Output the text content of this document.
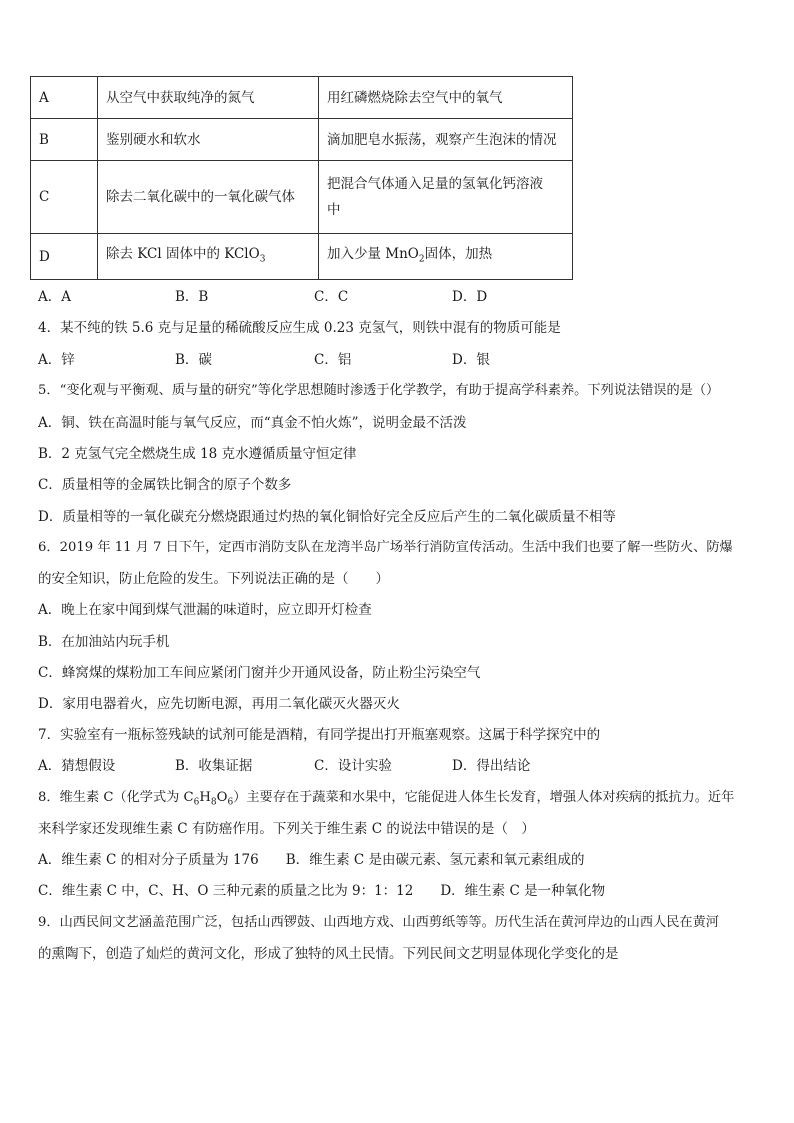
A	从空气中获取纯净的氮气	用红磷燃烧除去空气中的氧气
B	鉴别硬水和软水	滴加肥皂水振荡，观察产生泡沫的情况
C	除去二氧化碳中的一氧化碳气体	把混合气体通入足量的氢氧化钙溶液
中
D	除去 KCl 固体中的 KClO$_3$	加入少量 MnO$_2$固体，加热
A．A	B．B	C．C	D．D
4．某不纯的铁 5.6 克与足量的稀硫酸反应生成 0.23 克氢气，则铁中混有的物质可能是
A．锌	B．碳	C．铝	D．银
5．“变化观与平衡观、质与量的研究”等化学思想随时渗透于化学教学，有助于提高学科素养。下列说法错误的是（）
A．铜、铁在高温时能与氧气反应，而“真金不怕火炼”，说明金最不活泼
B．2 克氢气完全燃烧生成 18 克水遵循质量守恒定律
C．质量相等的金属铁比铜含的原子个数多
D．质量相等的一氧化碳充分燃烧跟通过灼热的氧化铜恰好完全反应后产生的二氧化碳质量不相等
6．2019 年 11 月 7 日下午，定西市消防支队在龙湾半岛广场举行消防宣传活动。生活中我们也要了解一些防火、防爆
的安全知识，防止危险的发生。下列说法正确的是（　　）
A．晚上在家中闻到煤气泄漏的味道时，应立即开灯检查
B．在加油站内玩手机
C．蜂窝煤的煤粉加工车间应紧闭门窗并少开通风设备，防止粉尘污染空气
D．家用电器着火，应先切断电源，再用二氧化碳灭火器灭火
7．实验室有一瓶标签残缺的试剂可能是酒精，有同学提出打开瓶塞观察。这属于科学探究中的
A．猜想假设	B．收集证据	C．设计实验	D．得出结论
8．维生素 C（化学式为 $C_6H_8O_6$）主要存在于蔬菜和水果中，它能促进人体生长发育，增强人体对疾病的抵抗力。近年
来科学家还发现维生素 C 有防癌作用。下列关于维生素 C 的说法中错误的是（　）
A．维生素 C 的相对分子质量为 176　　B．维生素 C 是由碳元素、氢元素和氧元素组成的
C．维生素 C 中，C、H、O 三种元素的质量之比为 9：1：12　　D．维生素 C 是一种氧化物
9．山西民间文艺涵盖范围广泛，包括山西锣鼓、山西地方戏、山西剪纸等等。历代生活在黄河岸边的山西人民在黄河
的熏陶下，创造了灿烂的黄河文化，形成了独特的风土民情。下列民间文艺明显体现化学变化的是
